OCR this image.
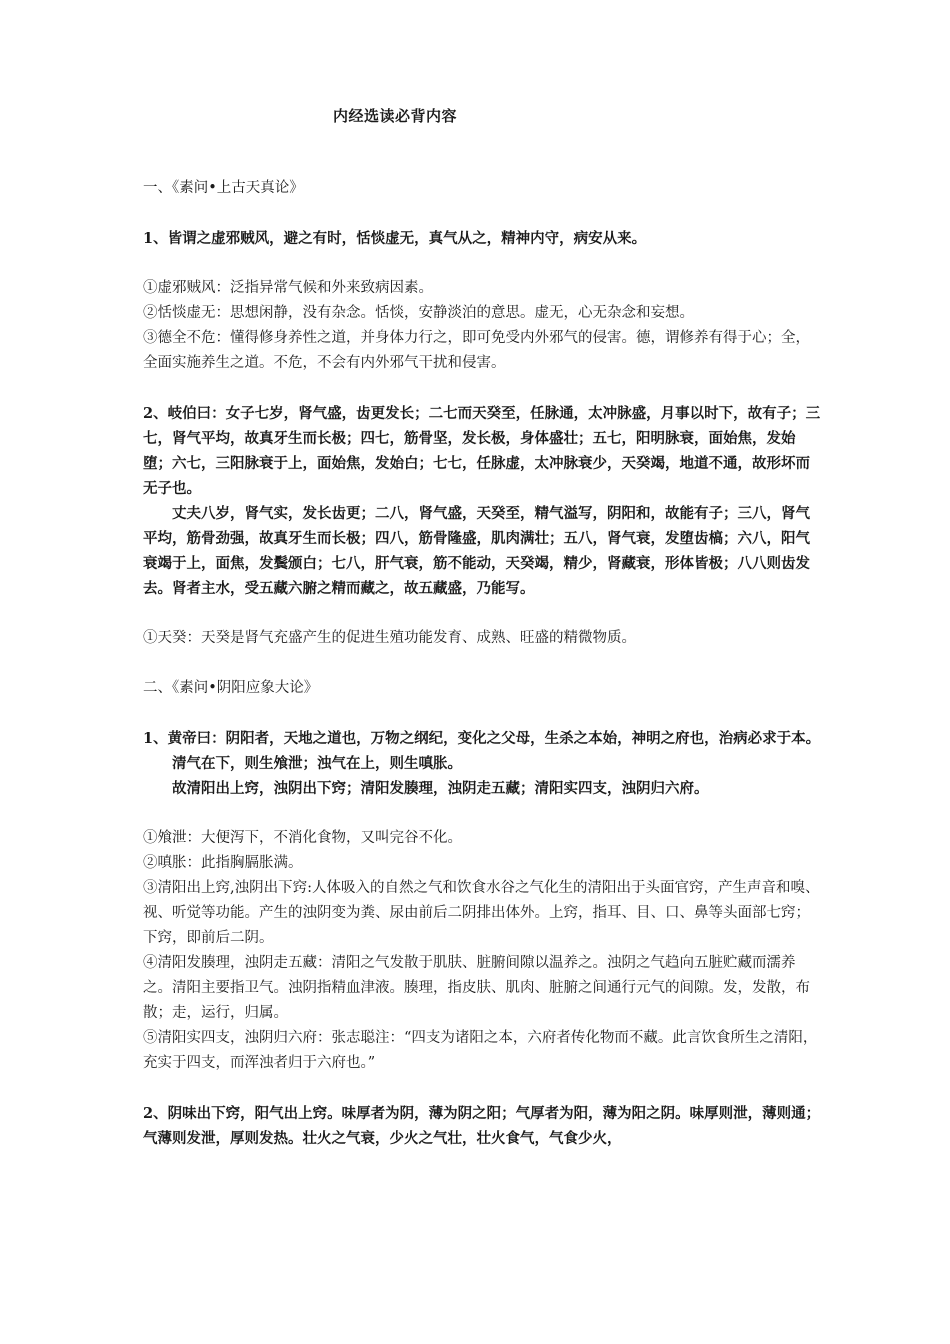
内经选读必背内容

一、《素问•上古天真论》

1、皆谓之虚邪贼风，避之有时，恬惔虚无，真气从之，精神内守，病安从来。

①虚邪贼风：泛指异常气候和外来致病因素。

②恬惔虚无：思想闲静，没有杂念。恬惔，安静淡泊的意思。虚无，心无杂念和妄想。

③德全不危：懂得修身养性之道，并身体力行之，即可免受内外邪气的侵害。德，谓修养有得于心；全，全面实施养生之道。不危，不会有内外邪气干扰和侵害。

2、岐伯曰：女子七岁，肾气盛，齿更发长；二七而天癸至，任脉通，太冲脉盛，月事以时下，故有子；三七，肾气平均，故真牙生而长极；四七，筋骨坚，发长极，身体盛壮；五七，阳明脉衰，面始焦，发始堕；六七，三阳脉衰于上，面始焦，发始白；七七，任脉虚，太冲脉衰少，天癸竭，地道不通，故形坏而无子也。

丈夫八岁，肾气实，发长齿更；二八，肾气盛，天癸至，精气溢写，阴阳和，故能有子；三八，肾气平均，筋骨劲强，故真牙生而长极；四八，筋骨隆盛，肌肉满壮；五八，肾气衰，发堕齿槁；六八，阳气衰竭于上，面焦，发鬓颁白；七八，肝气衰，筋不能动，天癸竭，精少，肾藏衰，形体皆极；八八则齿发去。肾者主水，受五藏六腑之精而藏之，故五藏盛，乃能写。

①天癸：天癸是肾气充盛产生的促进生殖功能发育、成熟、旺盛的精微物质。

二、《素问•阴阳应象大论》

1、黄帝曰：阴阳者，天地之道也，万物之纲纪，变化之父母，生杀之本始，神明之府也，治病必求于本。

清气在下，则生飧泄；浊气在上，则生嗔胀。

故清阳出上窍，浊阴出下窍；清阳发腠理，浊阴走五藏；清阳实四支，浊阴归六府。

①飧泄：大便泻下，不消化食物，又叫完谷不化。

②嗔胀：此指胸膈胀满。

③清阳出上窍,浊阴出下窍:人体吸入的自然之气和饮食水谷之气化生的清阳出于头面官窍，产生声音和嗅、视、听觉等功能。产生的浊阴变为粪、尿由前后二阴排出体外。上窍，指耳、目、口、鼻等头面部七窍；下窍，即前后二阴。

④清阳发腠理，浊阴走五藏：清阳之气发散于肌肤、脏腑间隙以温养之。浊阴之气趋向五脏贮藏而濡养之。清阳主要指卫气。浊阴指精血津液。腠理，指皮肤、肌肉、脏腑之间通行元气的间隙。发，发散，布散；走，运行，归属。

⑤清阳实四支，浊阴归六府：张志聪注：“四支为诸阳之本，六府者传化物而不藏。此言饮食所生之清阳，充实于四支，而浑浊者归于六府也。”

2、阴味出下窍，阳气出上窍。味厚者为阴，薄为阴之阳；气厚者为阳，薄为阳之阴。味厚则泄，薄则通；气薄则发泄，厚则发热。壮火之气衰，少火之气壮，壮火食气，气食少火，
